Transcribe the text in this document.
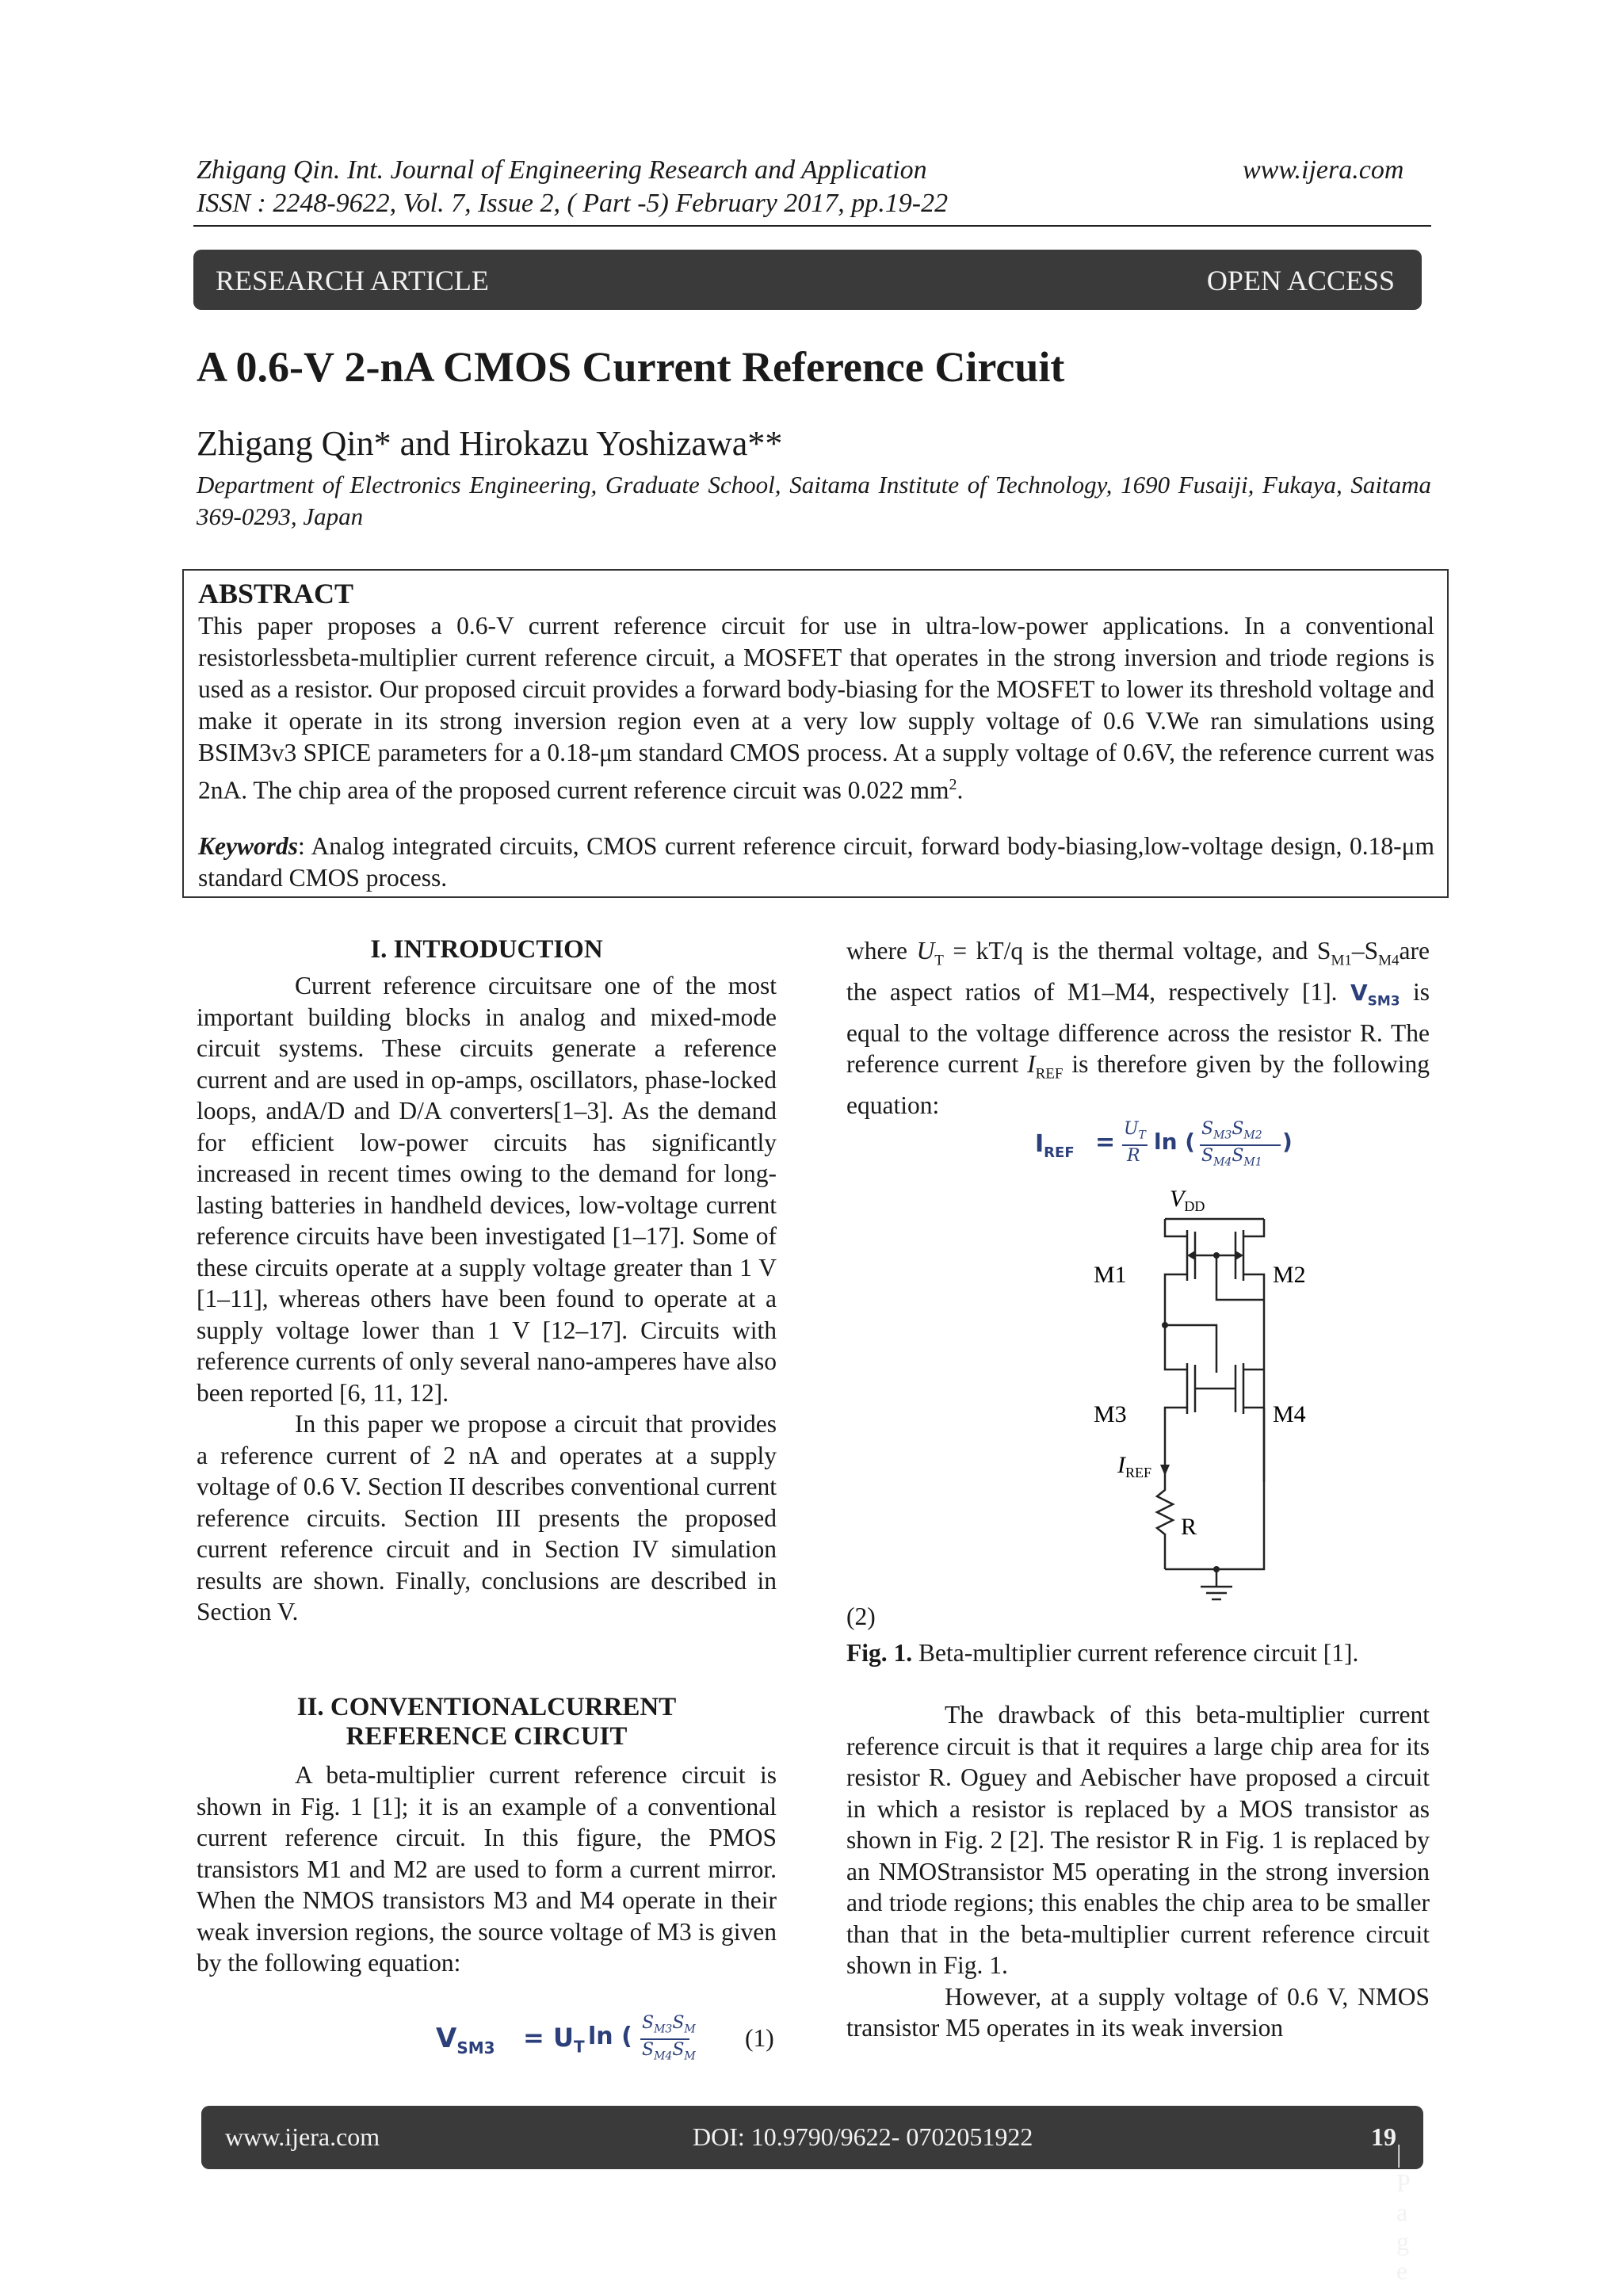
Zhigang Qin. Int. Journal of Engineering Research and Application	www.ijera.com
ISSN : 2248-9622, Vol. 7, Issue 2, ( Part -5) February 2017, pp.19-22
RESEARCH ARTICLE	OPEN ACCESS
A 0.6-V 2-nA CMOS Current Reference Circuit
Zhigang Qin* and Hirokazu Yoshizawa**
Department of Electronics Engineering, Graduate School, Saitama Institute of Technology, 1690 Fusaiji, Fukaya, Saitama 369-0293, Japan
ABSTRACT
This paper proposes a 0.6-V current reference circuit for use in ultra-low-power applications. In a conventional resistorlessbeta-multiplier current reference circuit, a MOSFET that operates in the strong inversion and triode regions is used as a resistor. Our proposed circuit provides a forward body-biasing for the MOSFET to lower its threshold voltage and make it operate in its strong inversion region even at a very low supply voltage of 0.6 V.We ran simulations using BSIM3v3 SPICE parameters for a 0.18-μm standard CMOS process. At a supply voltage of 0.6V, the reference current was 2nA. The chip area of the proposed current reference circuit was 0.022 $mm^2$.
Keywords: Analog integrated circuits, CMOS current reference circuit, forward body-biasing,low-voltage design, 0.18-μm standard CMOS process.
I. INTRODUCTION

Current reference circuitsare one of the most important building blocks in analog and mixed-mode circuit systems. These circuits generate a reference current and are used in op-amps, oscillators, phase-locked loops, andA/D and D/A converters[1–3]. As the demand for efficient low-power circuits has significantly increased in recent times owing to the demand for long-lasting batteries in handheld devices, low-voltage current reference circuits have been investigated [1–17]. Some of these circuits operate at a supply voltage greater than 1 V [1–11], whereas others have been found to operate at a supply voltage lower than 1 V [12–17]. Circuits with reference currents of only several nano-amperes have also been reported [6, 11, 12].

In this paper we propose a circuit that provides a reference current of 2 nA and operates at a supply voltage of 0.6 V. Section II describes conventional current reference circuits. Section III presents the proposed current reference circuit and in Section IV simulation results are shown. Finally, conclusions are described in Section V.

II. CONVENTIONALCURRENT
REFERENCE CIRCUIT

A beta-multiplier current reference circuit is shown in Fig. 1 [1]; it is an example of a conventional current reference circuit. In this figure, the PMOS transistors M1 and M2 are used to form a current mirror. When the NMOS transistors M3 and M4 operate in their weak inversion regions, the source voltage of M3 is given by the following equation:

$V_{SM3} = U_T$ ln ( $S_{M3}S_M$
$S_{M4}S_M$
(1)

where $U_T = kT/q$ is the thermal voltage, and $S_{M1}-S_{M4}are$ the aspect ratios of M1–M4, respectively [1]. $V_{SM3}$ is equal to the voltage difference across the resistor R. The reference current $I_{REF}$ is therefore given by the following equation:

$I_{REF} = U_T$
R
ln ( $S_{M3}S_{M2}$
$S_{M4}S_{M1}$
)
$V_{DD}$
M1	M2
M3	M4
$I_{REF}$
R
(2)
Fig. 1. Beta-multiplier current reference circuit [1].

The drawback of this beta-multiplier current reference circuit is that it requires a large chip area for its resistor R. Oguey and Aebischer have proposed a circuit in which a resistor is replaced by a MOS transistor as shown in Fig. 2 [2]. The resistor R in Fig. 1 is replaced by an NMOStransistor M5 operating in the strong inversion and triode regions; this enables the chip area to be smaller than that in the beta-multiplier current reference circuit shown in Fig. 1.

However, at a supply voltage of 0.6 V, NMOS transistor M5 operates in its weak inversion

www.ijera.com	DOI: 10.9790/9622- 0702051922	19
| P a g e
